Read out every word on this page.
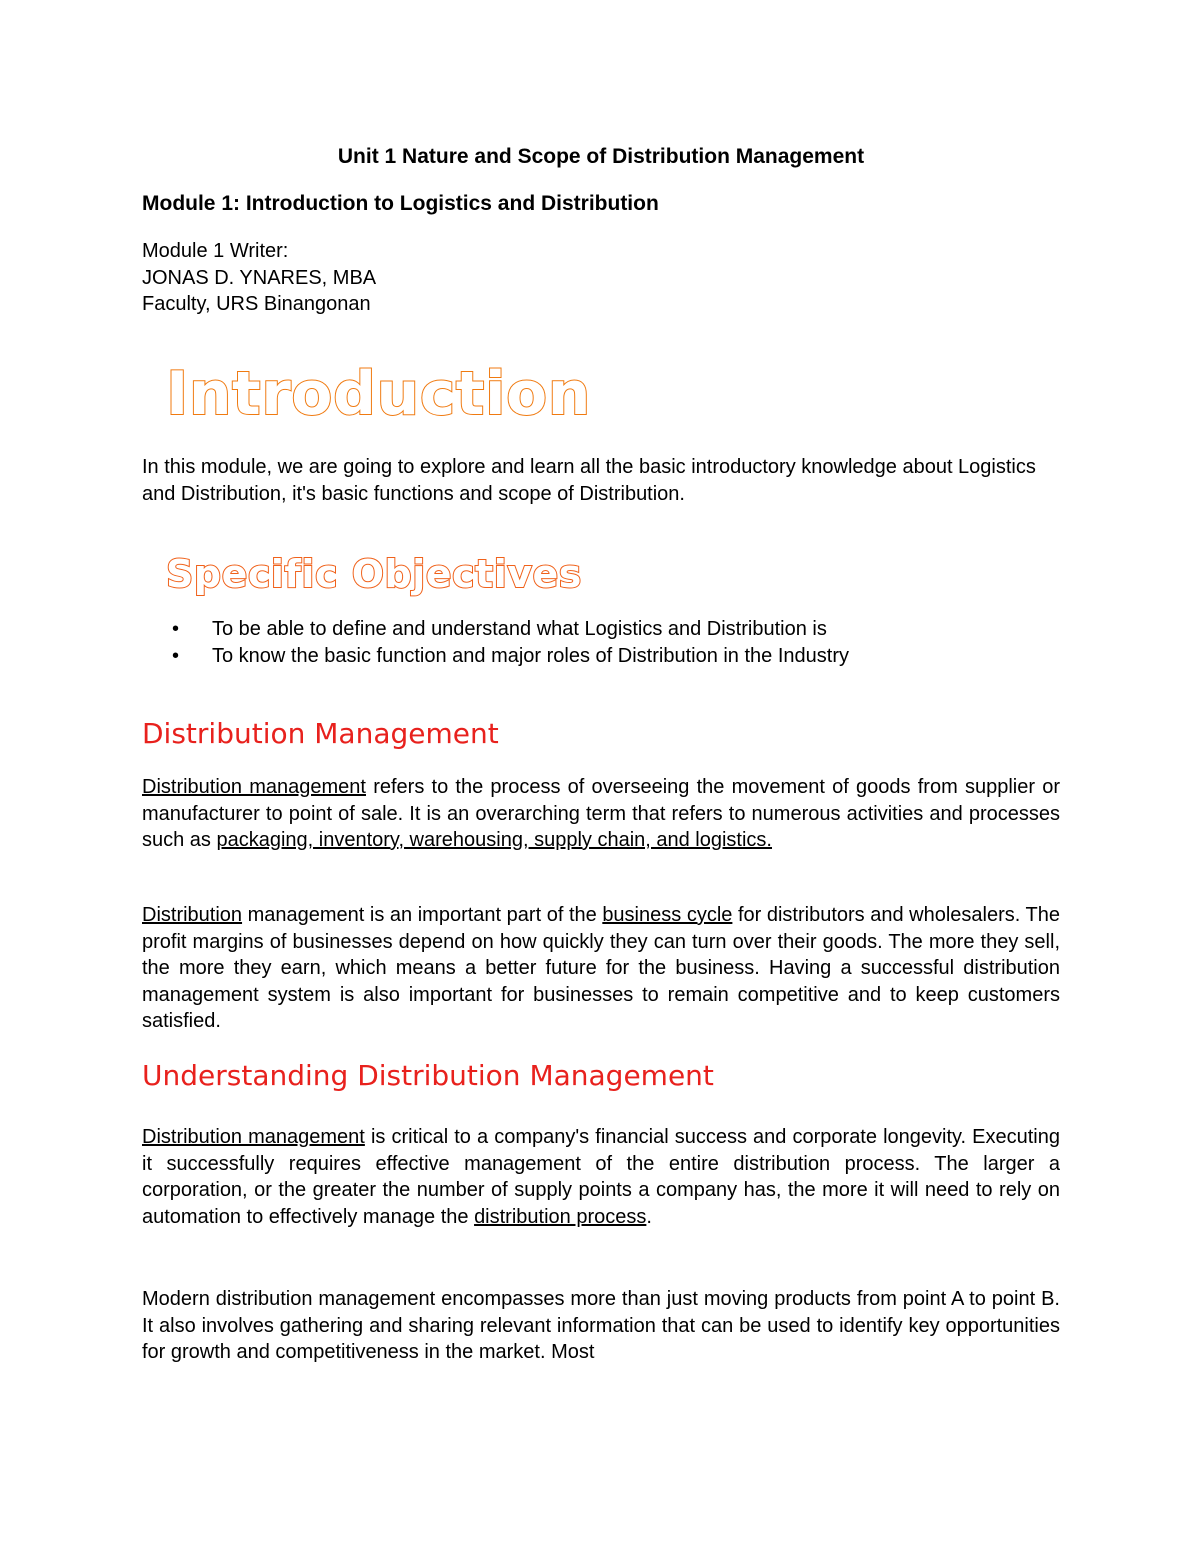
Unit 1 Nature and Scope of Distribution Management
Module 1: Introduction to Logistics and Distribution
Module 1 Writer:
JONAS D. YNARES, MBA
Faculty, URS Binangonan
Introduction
In this module, we are going to explore and learn all the basic introductory knowledge about Logistics and Distribution, it's basic functions and scope of Distribution.
Specific Objectives
• To be able to define and understand what Logistics and Distribution is
• To know the basic function and major roles of Distribution in the Industry
Distribution Management
Distribution management refers to the process of overseeing the movement of goods from supplier or manufacturer to point of sale. It is an overarching term that refers to numerous activities and processes such as packaging, inventory, warehousing, supply chain, and logistics.
Distribution management is an important part of the business cycle for distributors and wholesalers. The profit margins of businesses depend on how quickly they can turn over their goods. The more they sell, the more they earn, which means a better future for the business. Having a successful distribution management system is also important for businesses to remain competitive and to keep customers satisfied.
Understanding Distribution Management
Distribution management is critical to a company's financial success and corporate longevity. Executing it successfully requires effective management of the entire distribution process. The larger a corporation, or the greater the number of supply points a company has, the more it will need to rely on automation to effectively manage the distribution process.
Modern distribution management encompasses more than just moving products from point A to point B. It also involves gathering and sharing relevant information that can be used to identify key opportunities for growth and competitiveness in the market. Most
